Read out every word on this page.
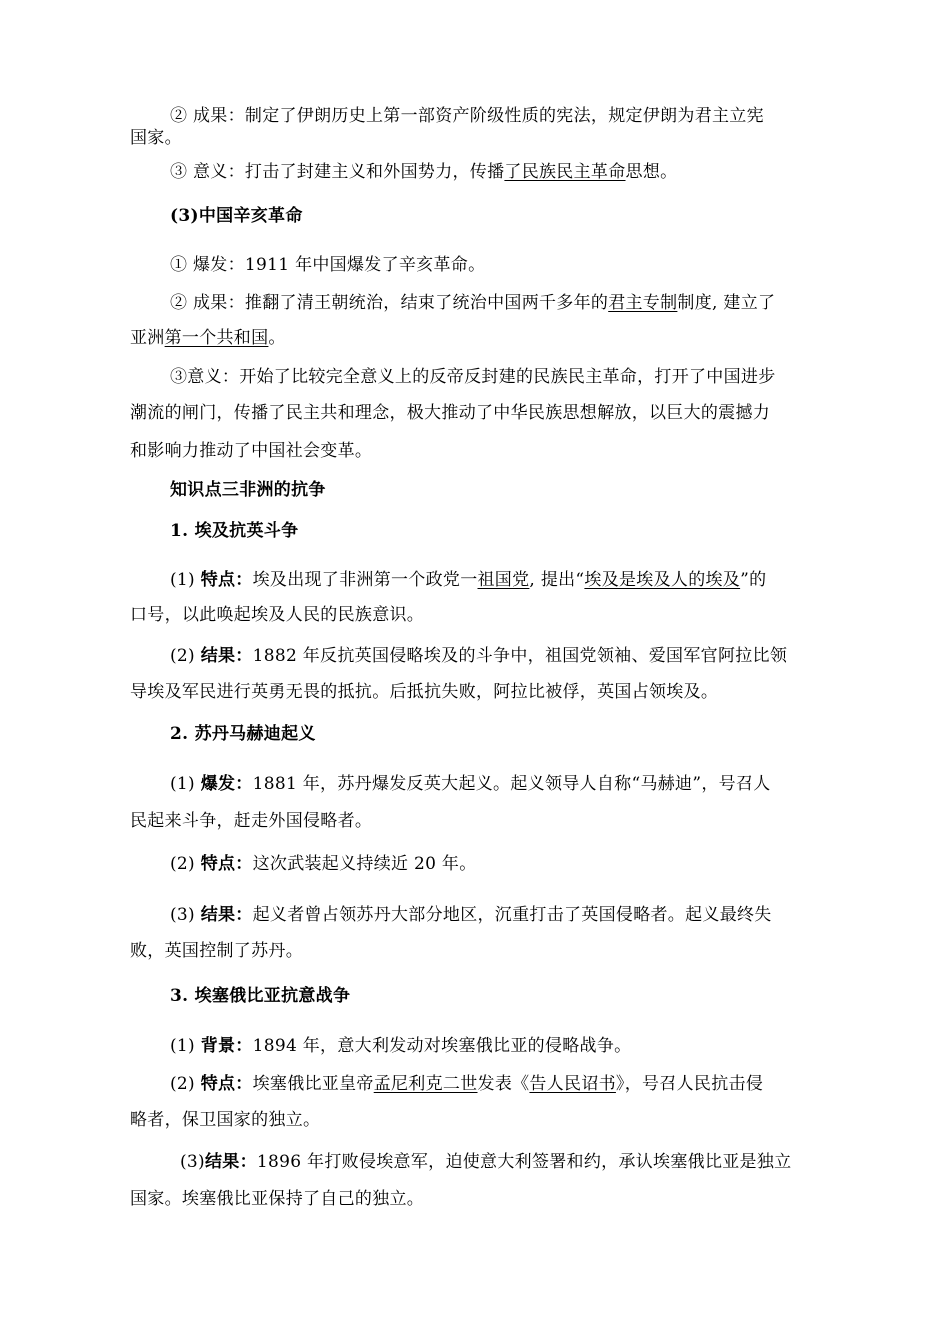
② 成果：制定了伊朗历史上第一部资产阶级性质的宪法，规定伊朗为君主立宪
国家。
③ 意义：打击了封建主义和外国势力，传播了民族民主革命思想。
(3)中国辛亥革命
① 爆发：1911 年中国爆发了辛亥革命。
② 成果：推翻了清王朝统治，结束了统治中国两千多年的君主专制制度, 建立了
亚洲第一个共和国。
③意义：开始了比较完全意义上的反帝反封建的民族民主革命，打开了中国进步
潮流的闸门，传播了民主共和理念，极大推动了中华民族思想解放，以巨大的震撼力
和影响力推动了中国社会变革。
知识点三非洲的抗争
1. 埃及抗英斗争
(1) 特点：埃及出现了非洲第一个政党一祖国党, 提出“埃及是埃及人的埃及”的
口号，以此唤起埃及人民的民族意识。
(2) 结果：1882 年反抗英国侵略埃及的斗争中，祖国党领袖、爱国军官阿拉比领
导埃及军民进行英勇无畏的抵抗。后抵抗失败，阿拉比被俘，英国占领埃及。
2. 苏丹马赫迪起义
(1) 爆发：1881 年，苏丹爆发反英大起义。起义领导人自称“马赫迪”，号召人
民起来斗争，赶走外国侵略者。
(2) 特点：这次武装起义持续近 20 年。
(3) 结果：起义者曾占领苏丹大部分地区，沉重打击了英国侵略者。起义最终失
败，英国控制了苏丹。
3. 埃塞俄比亚抗意战争
(1) 背景：1894 年，意大利发动对埃塞俄比亚的侵略战争。
(2) 特点：埃塞俄比亚皇帝孟尼利克二世发表《告人民诏书》，号召人民抗击侵
略者，保卫国家的独立。
(3)结果：1896 年打败侵埃意军，迫使意大利签署和约，承认埃塞俄比亚是独立
国家。埃塞俄比亚保持了自己的独立。
